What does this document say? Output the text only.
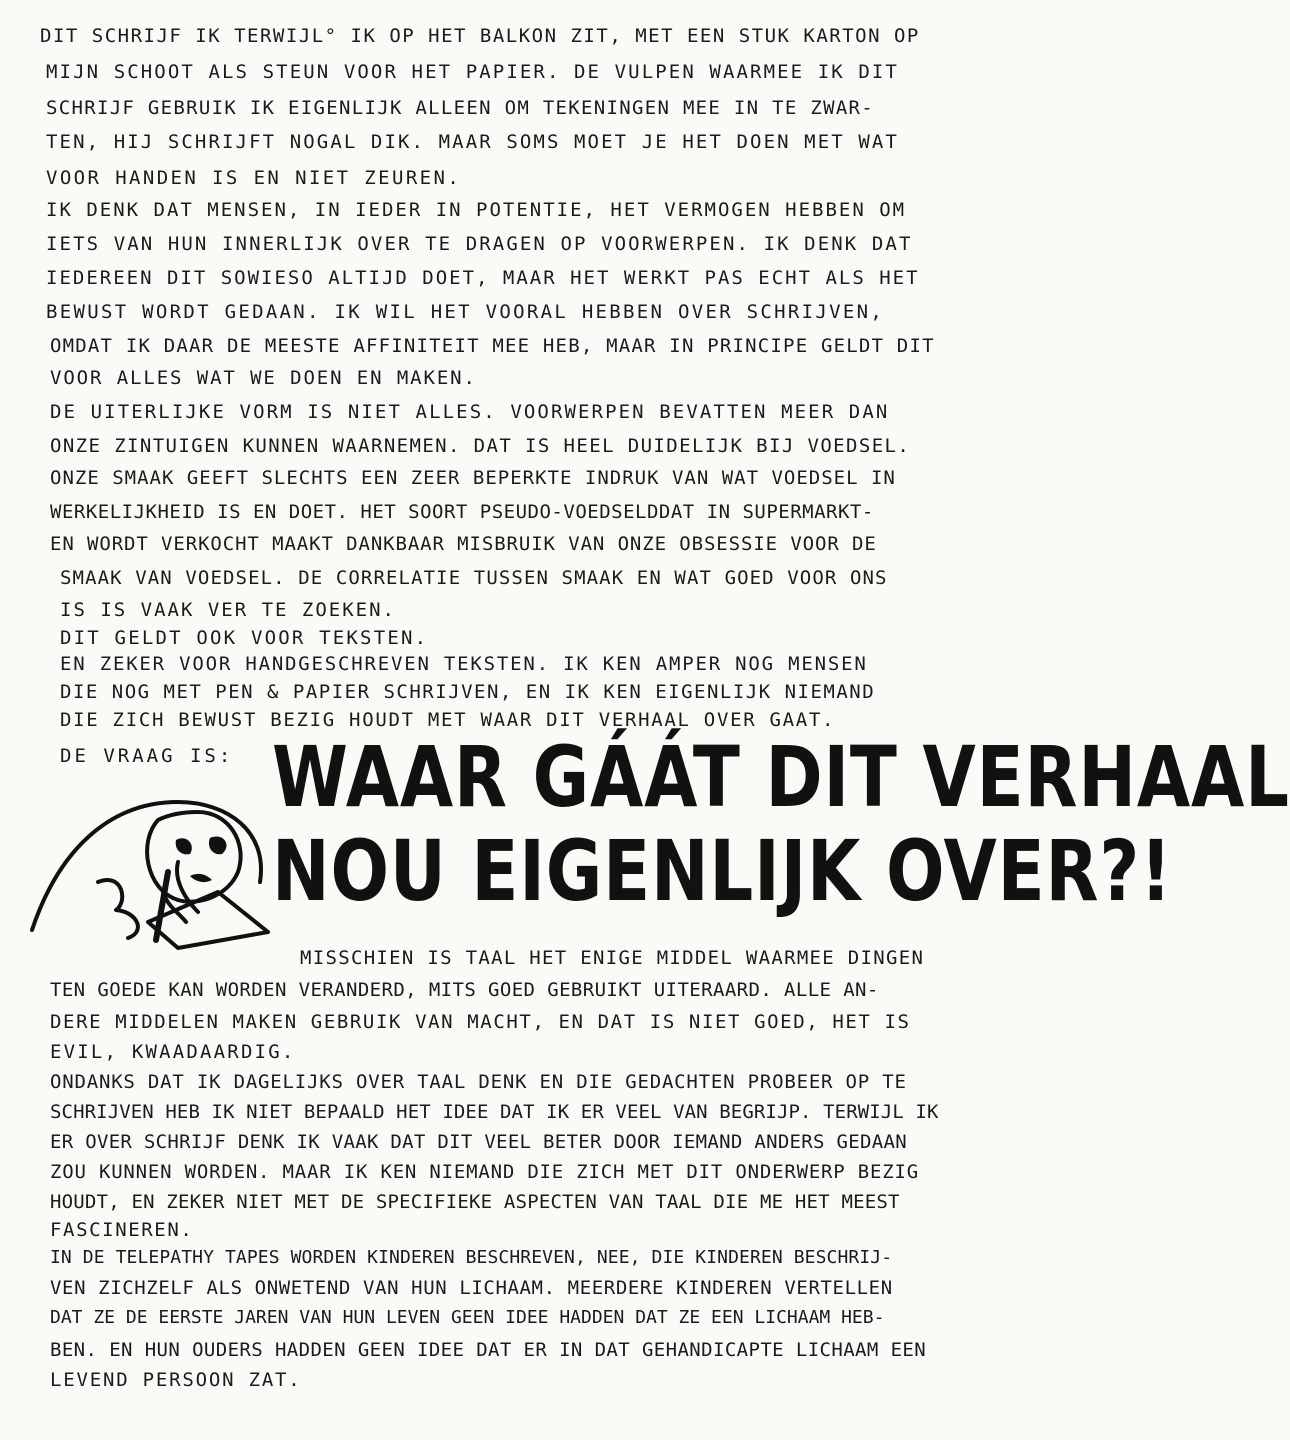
DIT SCHRIJF IK TERWIJL° IK OP HET BALKON ZIT, MET EEN STUK KARTON OP
MIJN SCHOOT ALS STEUN VOOR HET PAPIER. DE VULPEN WAARMEE IK DIT
SCHRIJF GEBRUIK IK EIGENLIJK ALLEEN OM TEKENINGEN MEE IN TE ZWAR-
TEN, HIJ SCHRIJFT NOGAL DIK. MAAR SOMS MOET JE HET DOEN MET WAT
VOOR HANDEN IS EN NIET ZEUREN.
IK DENK DAT MENSEN, IN IEDER IN POTENTIE, HET VERMOGEN HEBBEN OM
IETS VAN HUN INNERLIJK OVER TE DRAGEN OP VOORWERPEN. IK DENK DAT
IEDEREEN DIT SOWIESO ALTIJD DOET, MAAR HET WERKT PAS ECHT ALS HET
BEWUST WORDT GEDAAN. IK WIL HET VOORAL HEBBEN OVER SCHRIJVEN,
OMDAT IK DAAR DE MEESTE AFFINITEIT MEE HEB, MAAR IN PRINCIPE GELDT DIT
VOOR ALLES WAT WE DOEN EN MAKEN.
DE UITERLIJKE VORM IS NIET ALLES. VOORWERPEN BEVATTEN MEER DAN
ONZE ZINTUIGEN KUNNEN WAARNEMEN. DAT IS HEEL DUIDELIJK BIJ VOEDSEL.
ONZE SMAAK GEEFT SLECHTS EEN ZEER BEPERKTE INDRUK VAN WAT VOEDSEL IN
WERKELIJKHEID IS EN DOET. HET SOORT PSEUDO-VOEDSELDDAT IN SUPERMARKT-
EN WORDT VERKOCHT MAAKT DANKBAAR MISBRUIK VAN ONZE OBSESSIE VOOR DE
SMAAK VAN VOEDSEL. DE CORRELATIE TUSSEN SMAAK EN WAT GOED VOOR ONS
IS IS VAAK VER TE ZOEKEN.
DIT GELDT OOK VOOR TEKSTEN.
EN ZEKER VOOR HANDGESCHREVEN TEKSTEN. IK KEN AMPER NOG MENSEN
DIE NOG MET PEN & PAPIER SCHRIJVEN, EN IK KEN EIGENLIJK NIEMAND
DIE ZICH BEWUST BEZIG HOUDT MET WAAR DIT VERHAAL OVER GAAT.
DE VRAAG IS: WAAR GÁÁT DIT VERHAAL
NOU EIGENLIJK OVER?!
MISSCHIEN IS TAAL HET ENIGE MIDDEL WAARMEE DINGEN
TEN GOEDE KAN WORDEN VERANDERD, MITS GOED GEBRUIKT UITERAARD. ALLE AN-
DERE MIDDELEN MAKEN GEBRUIK VAN MACHT, EN DAT IS NIET GOED, HET IS
EVIL, KWAADAARDIG.
ONDANKS DAT IK DAGELIJKS OVER TAAL DENK EN DIE GEDACHTEN PROBEER OP TE
SCHRIJVEN HEB IK NIET BEPAALD HET IDEE DAT IK ER VEEL VAN BEGRIJP. TERWIJL IK
ER OVER SCHRIJF DENK IK VAAK DAT DIT VEEL BETER DOOR IEMAND ANDERS GEDAAN
ZOU KUNNEN WORDEN. MAAR IK KEN NIEMAND DIE ZICH MET DIT ONDERWERP BEZIG
HOUDT, EN ZEKER NIET MET DE SPECIFIEKE ASPECTEN VAN TAAL DIE ME HET MEEST
FASCINEREN.
IN DE TELEPATHY TAPES WORDEN KINDEREN BESCHREVEN, NEE, DIE KINDEREN BESCHRIJ-
VEN ZICHZELF ALS ONWETEND VAN HUN LICHAAM. MEERDERE KINDEREN VERTELLEN
DAT ZE DE EERSTE JAREN VAN HUN LEVEN GEEN IDEE HADDEN DAT ZE EEN LICHAAM HEB-
BEN. EN HUN OUDERS HADDEN GEEN IDEE DAT ER IN DAT GEHANDICAPTE LICHAAM EEN
LEVEND PERSOON ZAT.
